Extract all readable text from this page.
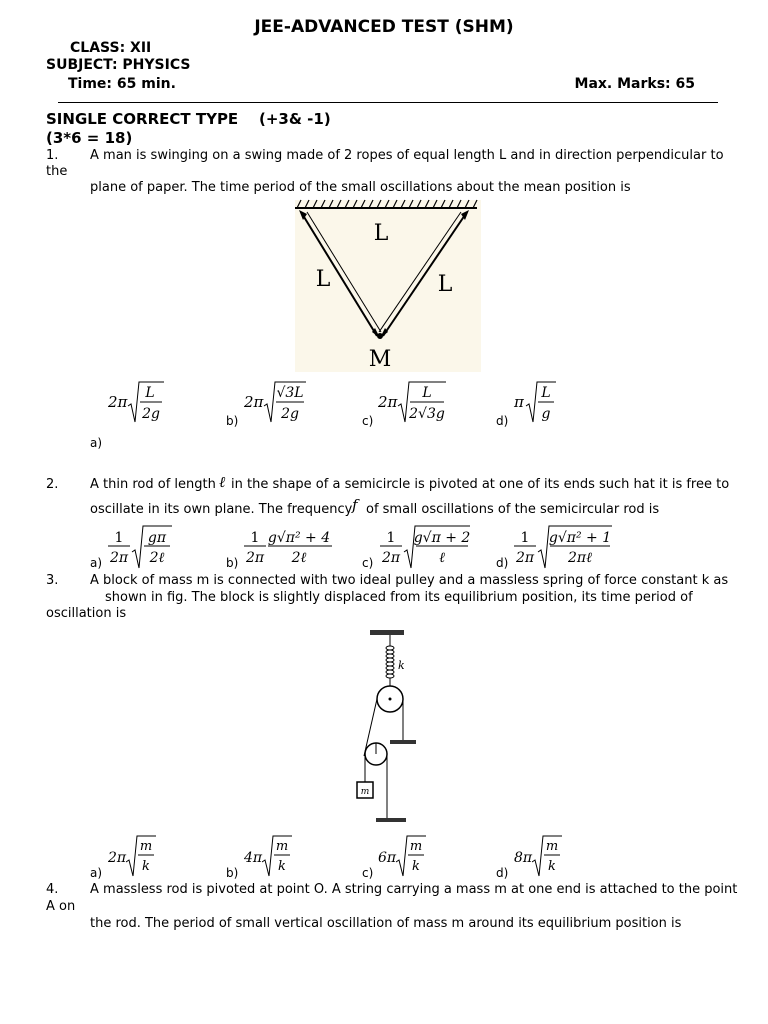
JEE-ADVANCED TEST (SHM)
CLASS: XII
SUBJECT: PHYSICS
Time: 65 min.	Max. Marks: 65
SINGLE CORRECT TYPE (+3& -1)
(3*6 = 18)
1. A man is swinging on a swing made of 2 ropes of equal length L and in direction perpendicular to
the
plane of paper. The time period of the small oscillations about the mean position is
L
L	L
M
2π L
2g
a)
b)
2π √3L
2g	c)
2π L
2√3g	d)
π L
g
2. A thin rod of length ℓ in the shape of a semicircle is pivoted at one of its ends such hat it is free to
oscillate in its own plane. The frequency f of small oscillations of the semicircular rod is
a)
1
2π
gπ
2ℓ	b)
1
2π
g√π² + 4
2ℓ	c)
1
2π
g√π + 2
ℓ	d)
1
2π
g√π² + 1
2πℓ
3. A block of mass m is connected with two ideal pulley and a massless spring of force constant k as
shown in fig. The block is slightly displaced from its equilibrium position, its time period of
oscillation is
k
m
a)
2π
m
k	b)
4π
m
k	c)
6π
m
k	d)
8π
m
k
4. A massless rod is pivoted at point O. A string carrying a mass m at one end is attached to the point
A on
the rod. The period of small vertical oscillation of mass m around its equilibrium position is
